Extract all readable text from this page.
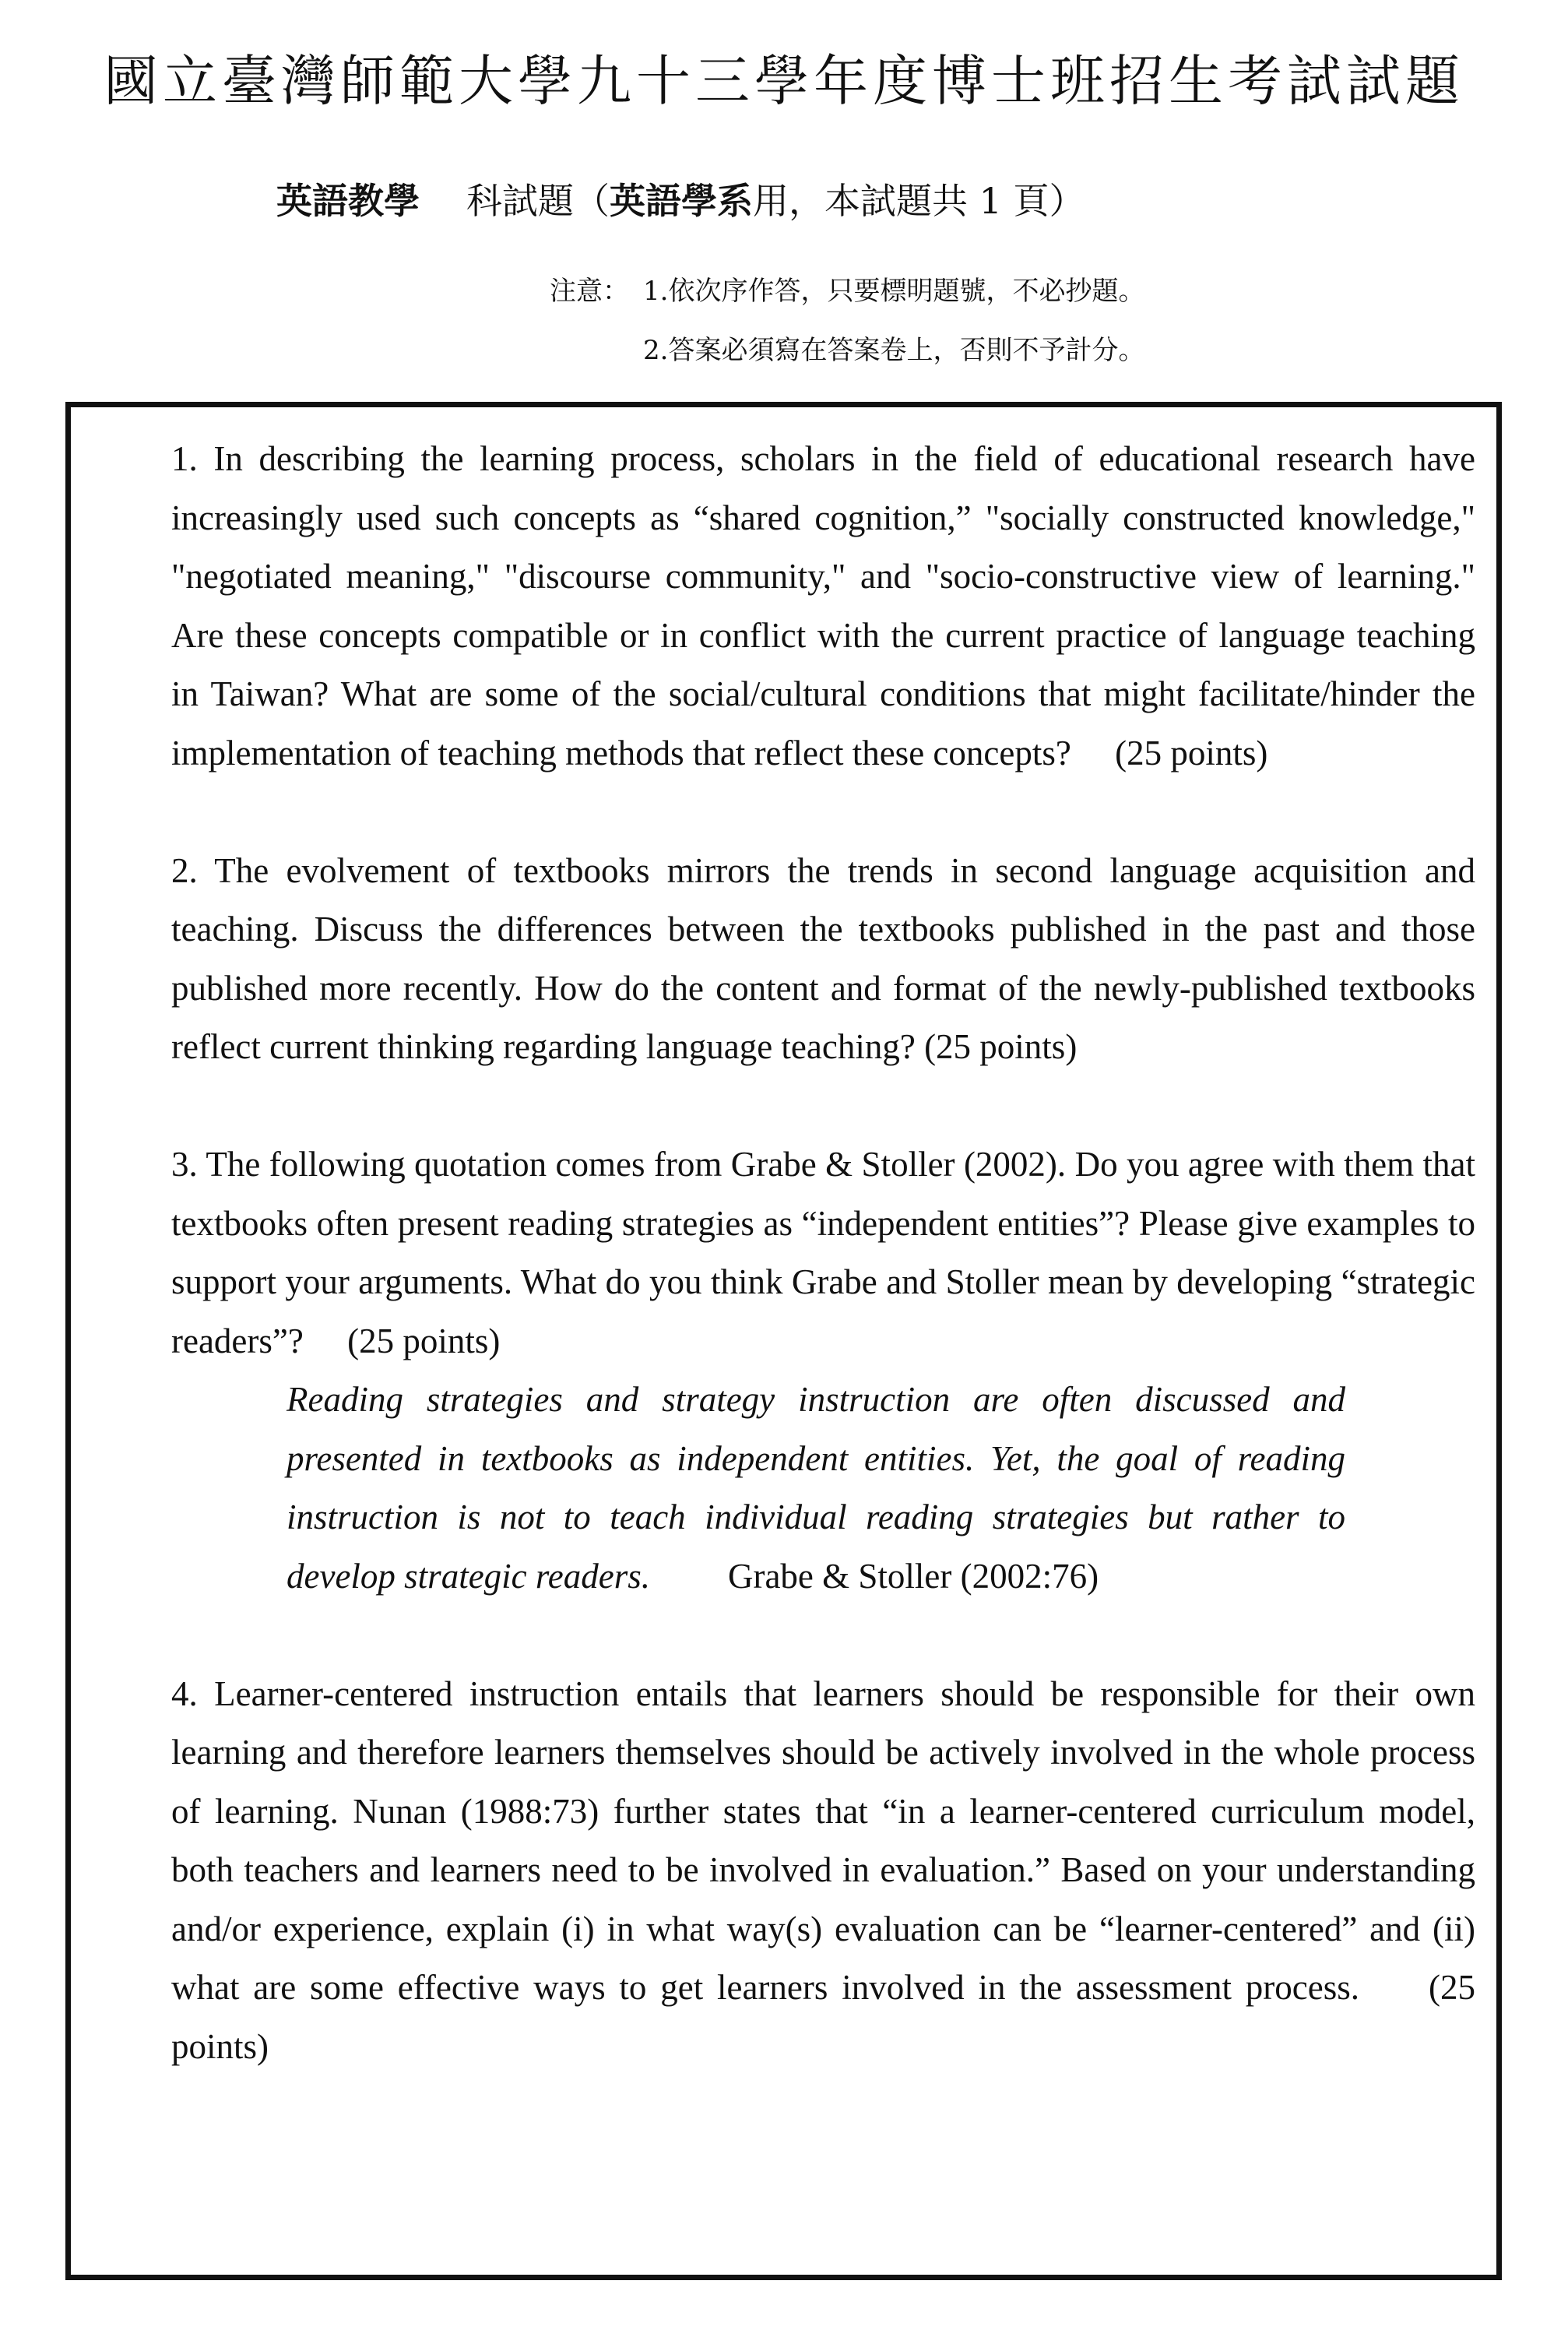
國立臺灣師範大學九十三學年度博士班招生考試試題
英語教學 科試題（英語學系用，本試題共 1 頁）
注意： 1.依次序作答，只要標明題號，不必抄題。
2.答案必須寫在答案卷上，否則不予計分。

1. In describing the learning process, scholars in the field of educational research have increasingly used such concepts as “shared cognition,” "socially constructed knowledge," "negotiated meaning," "discourse community," and "socio-constructive view of learning." Are these concepts compatible or in conflict with the current practice of language teaching in Taiwan? What are some of the social/cultural conditions that might facilitate/hinder the implementation of teaching methods that reflect these concepts? (25 points)

2. The evolvement of textbooks mirrors the trends in second language acquisition and teaching. Discuss the differences between the textbooks published in the past and those published more recently. How do the content and format of the newly-published textbooks reflect current thinking regarding language teaching? (25 points)

3. The following quotation comes from Grabe & Stoller (2002). Do you agree with them that textbooks often present reading strategies as “independent entities”? Please give examples to support your arguments. What do you think Grabe and Stoller mean by developing “strategic readers”? (25 points)

Reading strategies and strategy instruction are often discussed and presented in textbooks as independent entities. Yet, the goal of reading instruction is not to teach individual reading strategies but rather to develop strategic readers. Grabe & Stoller (2002:76)

4. Learner-centered instruction entails that learners should be responsible for their own learning and therefore learners themselves should be actively involved in the whole process of learning. Nunan (1988:73) further states that “in a learner-centered curriculum model, both teachers and learners need to be involved in evaluation.” Based on your understanding and/or experience, explain (i) in what way(s) evaluation can be “learner-centered” and (ii) what are some effective ways to get learners involved in the assessment process. (25 points)
